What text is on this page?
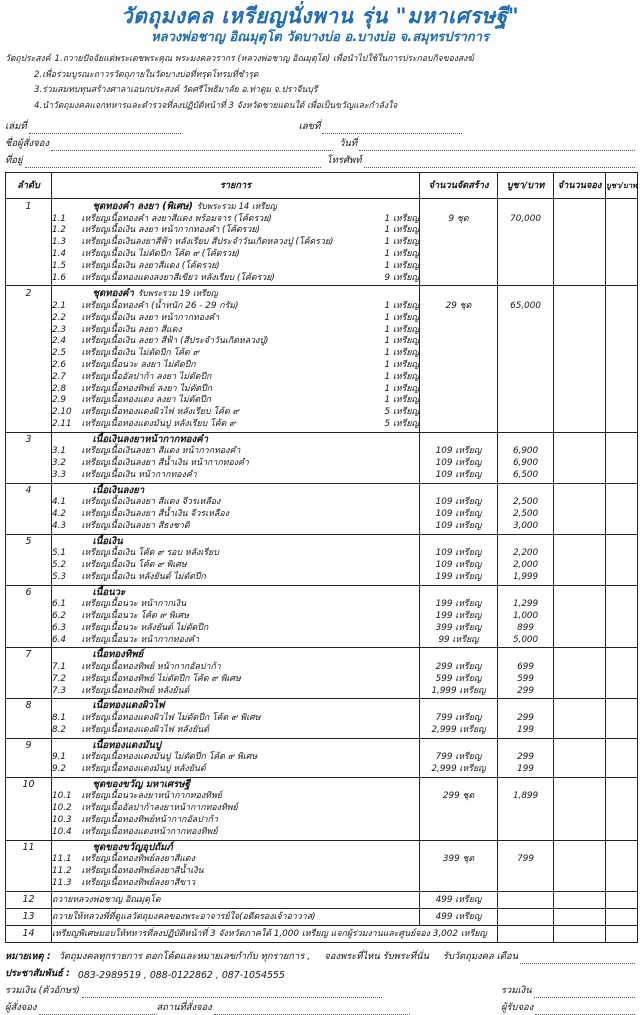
วัตถุมงคล เหรียญนั่งพาน รุ่น "มหาเศรษฐี"
หลวงพ่อชาญ อิณมุตุโต วัดบางบ่อ อ.บางบ่อ จ.สมุทรปราการ
วัตถุประสงค์ 1.ถวายปัจจัยแด่พระเดชพระคุณ พระมงคลวรากร (หลวงพ่อชาญ อิณมุตุโต) เพื่อนำไปใช้ในการประกอบกิจของสงฆ์
2.เพื่อร่วมบูรณะถาวรวัตถุภายในวัดบางบ่อที่ทรุดโทรมที่ชำรุด
3.ร่วมสมทบทุนสร้างศาลาเอนกประสงค์ วัดศรีโพธิมาลัย อ.ท่าตูม จ.ปราจีนบุรี
4.นำวัตถุมงคลแจกทหารและตำรวจที่ลงปฏิบัติหน้าที่ 3 จังหวัดชายแดนใต้ เพื่อเป็นขวัญและกำลังใจ
เล่มที่	เลขที่
ชื่อผู้สั่งจอง	วันที่
ที่อยู่	โทรศัพท์
ลำดับ	รายการ			จำนวนจัดสร้าง	บูชา/บาท	จำนวนจอง	บูชา/บาท
1		ชุดทองคำ ลงยา (พิเศษ) รับพระรวม 14 เหรียญ					
	1.1	เหรียญเนื้อทองคำ ลงยาสีแดง พร้อมจาร (โค้ดรวย)	1 เหรียญ	9 ชุด	70,000		
	1.2	เหรียญเนื้อเงิน ลงยา หน้ากากทองคำ (โค้ดรวย)	1 เหรียญ				
	1.3	เหรียญเนื้อเงินลงยาสีฟ้า หลังเรียบ สีประจำวันเกิดหลวงปู่ (โค้ดรวย)	1 เหรียญ				
	1.4	เหรียญเนื้อเงิน ไม่ตัดปีก โค้ด ๙ (โค้ดรวย)	1 เหรียญ				
	1.5	เหรียญเนื้อเงิน ลงยาสีแดง (โค้ดรวย)	1 เหรียญ				
	1.6	เหรียญเนื้อทองแดงลงยาสีเขียว หลังเรียบ (โค้ดรวย)	9 เหรียญ				
2		ชุดทองคำ รับพระรวม 19 เหรียญ					
	2.1	เหรียญเนื้อทองคำ (น้ำหนัก 26 - 29 กรัม)	1 เหรียญ	29 ชุด	65,000		
	2.2	เหรียญเนื้อเงิน ลงยา หน้ากากทองคำ	1 เหรียญ				
	2.3	เหรียญเนื้อเงิน ลงยา สีแดง	1 เหรียญ				
	2.4	เหรียญเนื้อเงิน ลงยา สีฟ้า (สีประจำวันเกิดหลวงปู่)	1 เหรียญ				
	2.5	เหรียญเนื้อเงิน ไม่ตัดปีก โค้ด ๙	1 เหรียญ				
	2.6	เหรียญเนื้อนวะ ลงยา ไม่ตัดปีก	1 เหรียญ				
	2.7	เหรียญเนื้ออัลปาก้า ลงยา ไม่ตัดปีก	1 เหรียญ				
	2.8	เหรียญเนื้อทองทิพย์ ลงยา ไม่ตัดปีก	1 เหรียญ				
	2.9	เหรียญเนื้อทองแดง ลงยา ไม่ตัดปีก	1 เหรียญ				
	2.10	เหรียญเนื้อทองแดงผิวไฟ หลังเรียบ โค้ด ๙	5 เหรียญ				
	2.11	เหรียญเนื้อทองแดงมันปู หลังเรียบ โค้ด ๙	5 เหรียญ				
3		เนื้อเงินลงยาหน้ากากทองคำ					
	3.1	เหรียญเนื้อเงินลงยา สีแดง หน้ากากทองคำ		109 เหรียญ	6,900		
	3.2	เหรียญเนื้อเงินลงยา สีน้ำเงิน หน้ากากทองคำ		109 เหรียญ	6,900		
	3.3	เหรียญเนื้อเงิน หน้ากากทองคำ		109 เหรียญ	6,500		
4		เนื้อเงินลงยา					
	4.1	เหรียญเนื้อเงินลงยา สีแดง จีวรเหลือง		109 เหรียญ	2,500		
	4.2	เหรียญเนื้อเงินลงยา สีน้ำเงิน จีวรเหลือง		109 เหรียญ	2,500		
	4.3	เหรียญเนื้อเงินลงยา สีธงชาติ		109 เหรียญ	3,000		
5		เนื้อเงิน					
	5.1	เหรียญเนื้อเงิน โค้ด ๙ รอบ หลังเรียบ		109 เหรียญ	2,200		
	5.2	เหรียญเนื้อเงิน โค้ด ๙ พิเศษ		109 เหรียญ	2,000		
	5.3	เหรียญเนื้อเงิน หลังยันต์ ไม่ตัดปีก		199 เหรียญ	1,999		
6		เนื้อนวะ					
	6.1	เหรียญเนื้อนวะ หน้ากากเงิน		199 เหรียญ	1,299		
	6.2	เหรียญเนื้อนวะ โค้ด ๙ พิเศษ		199 เหรียญ	1,000		
	6.3	เหรียญเนื้อนวะ หลังยันต์ ไม่ตัดปีก		399 เหรียญ	899		
	6.4	เหรียญเนื้อนวะ หน้ากากทองคำ		99 เหรียญ	5,000		
7		เนื้อทองทิพย์					
	7.1	เหรียญเนื้อทองทิพย์ หน้ากากอัลปาก้า		299 เหรียญ	699		
	7.2	เหรียญเนื้อทองทิพย์ ไม่ตัดปีก โค้ด ๙ พิเศษ		599 เหรียญ	599		
	7.3	เหรียญเนื้อทองทิพย์ หลังยันต์		1,999 เหรียญ	299		
8		เนื้อทองแดงผิวไฟ					
	8.1	เหรียญเนื้อทองแดงผิวไฟ ไม่ตัดปีก โค้ด ๙ พิเศษ		799 เหรียญ	299		
	8.2	เหรียญเนื้อทองแดงผิวไฟ หลังยันต์		2,999 เหรียญ	199		
9		เนื้อทองแดงมันปู					
	9.1	เหรียญเนื้อทองแดงมันปู ไม่ตัดปีก โค้ด ๙ พิเศษ		799 เหรียญ	299		
	9.2	เหรียญเนื้อทองแดงมันปู หลังยันต์		2,999 เหรียญ	199		
10		ชุดของขวัญ มหาเศรษฐี					
	10.1	เหรียญเนื้อนวะลงยาหน้ากากทองทิพย์		299 ชุด	1,899		
	10.2	เหรียญเนื้ออัลปาก้าลงยาหน้ากากทองทิพย์					
	10.3	เหรียญเนื้อทองทิพย์หน้ากากอัลปาก้า					
	10.4	เหรียญเนื้อทองแดงหน้ากากทองทิพย์					
11		ชุดของขวัญอุปถัมภ์					
	11.1	เหรียญเนื้อทองทิพย์ลงยาสีแดง		399 ชุด	799		
	11.2	เหรียญเนื้อทองทิพย์ลงยาสีน้ำเงิน					
	11.3	เหรียญเนื้อทองทิพย์ลงยาสีขาว					
12	ถวายหลวงพ่อชาญ อิณมุตุโต			499 เหรียญ			
13	ถวายให้หลวงพี่ที่ดูแลวัตถุมงคลของพระอาจารย์ใจ(อดีตรองเจ้าอาวาส)			499 เหรียญ			
14	เหรียญพิเศษมอบให้ทหารที่ลงปฏิบัติหน้าที่ 3 จังหวัดภาคใต้ 1,000 เหรียญ แจกผู้ร่วมงานและศูนย์จอง 3,002 เหรียญ						
หมายเหตุ : วัตถุมงคลทุกรายการ ตอกโค้ดและหมายเลขกำกับ ทุกรายการ , จองพระที่ไหน รับพระที่นั่น รับวัตถุมงคล เดือน
ประชาสัมพันธ์ : 083-2989519 , 088-0122862 , 087-1054555
รวมเงิน (ตัวอักษร)	รวมเงิน
ผู้สั่งจอง	สถานที่สั่งจอง	ผู้รับจอง
